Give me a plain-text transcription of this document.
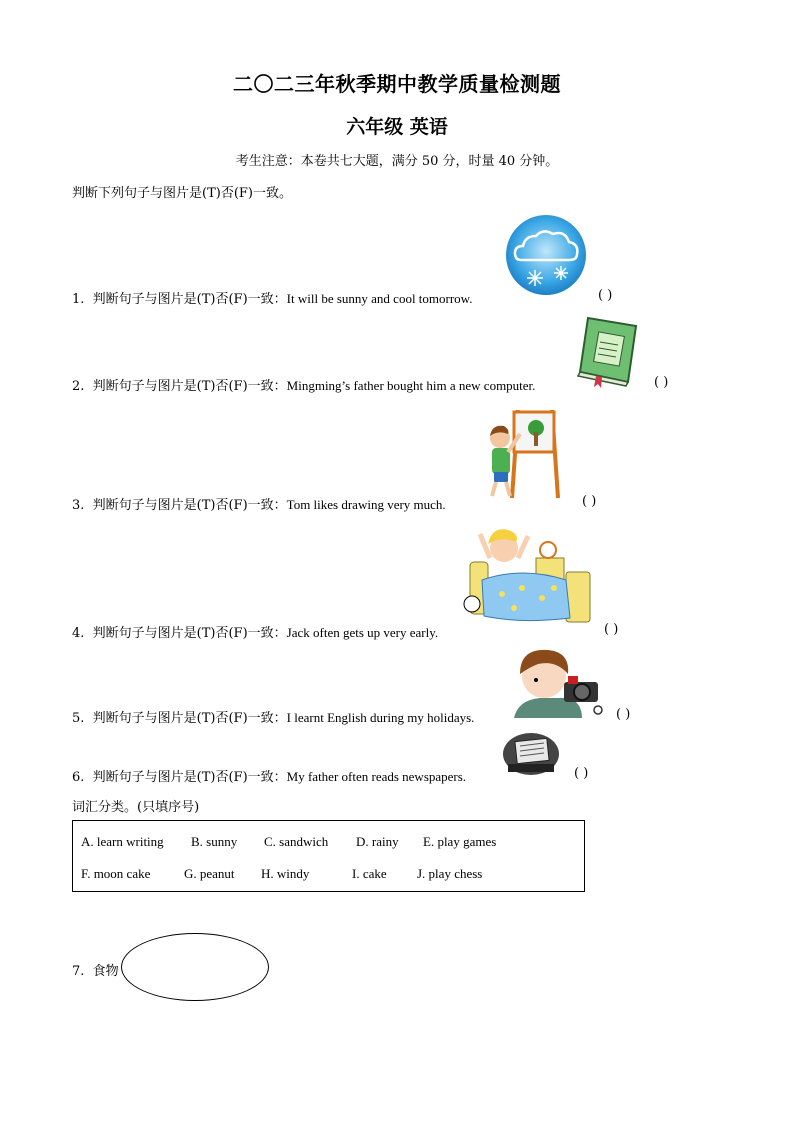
二〇二三年秋季期中教学质量检测题
六年级 英语
考生注意：本卷共七大题，满分 50 分，时量 40 分钟。
判断下列句子与图片是(T)否(F)一致。
1. 判断句子与图片是(T)否(F)一致：It will be sunny and cool tomorrow.	( )
2. 判断句子与图片是(T)否(F)一致：Mingming’s father bought him a new computer.	( )
3. 判断句子与图片是(T)否(F)一致：Tom likes drawing very much.	( )
4. 判断句子与图片是(T)否(F)一致：Jack often gets up very early.	( )
5. 判断句子与图片是(T)否(F)一致：I learnt English during my holidays.	( )
6. 判断句子与图片是(T)否(F)一致：My father often reads newspapers.	( )
词汇分类。(只填序号)
A. learn writing B. sunny C. sandwich D. rainy E. play games
F. moon cake	G. peanut H. windy	I. cake J. play chess
7. 食物
